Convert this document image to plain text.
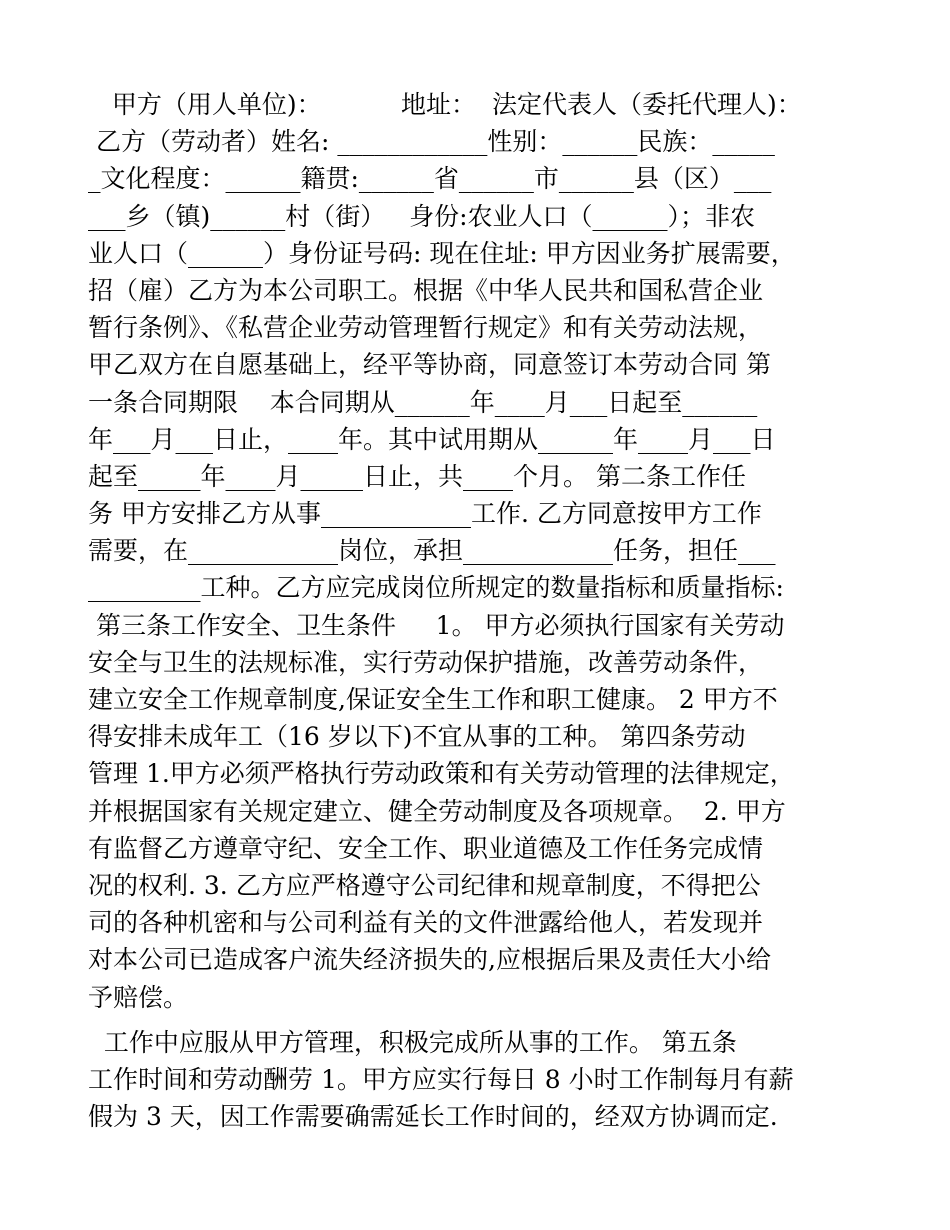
甲方（用人单位)：          地址：  法定代表人（委托代理人)：
乙方（劳动者）姓名: ____________性别：______民族：_____
_文化程度：______籍贯:______省______市______县（区）___
___乡（镇)______村（街）   身份:农业人口（______）；非农
业人口（______）身份证号码: 现在住址: 甲方因业务扩展需要，
招（雇）乙方为本公司职工。根据《中华人民共和国私营企业
暂行条例》、《私营企业劳动管理暂行规定》和有关劳动法规，
甲乙双方在自愿基础上，经平等协商，同意签订本劳动合同 第
一条合同期限    本合同期从______年____月___日起至______
年___月___日止，____年。其中试用期从______年____月___日
起至_____年____月_____日止，共____个月。 第二条工作任
务 甲方安排乙方从事____________工作. 乙方同意按甲方工作
需要，在____________岗位，承担____________任务，担任___
_________工种。乙方应完成岗位所规定的数量指标和质量指标:
第三条工作安全、卫生条件     1。 甲方必须执行国家有关劳动
安全与卫生的法规标准，实行劳动保护措施，改善劳动条件，
建立安全工作规章制度,保证安全生工作和职工健康。 2 甲方不
得安排未成年工（16 岁以下)不宜从事的工种。 第四条劳动
管理 1.甲方必须严格执行劳动政策和有关劳动管理的法律规定，
并根据国家有关规定建立、健全劳动制度及各项规章。  2. 甲方
有监督乙方遵章守纪、安全工作、职业道德及工作任务完成情
况的权利. 3. 乙方应严格遵守公司纪律和规章制度，不得把公
司的各种机密和与公司利益有关的文件泄露给他人，若发现并
对本公司已造成客户流失经济损失的,应根据后果及责任大小给
予赔偿。
工作中应服从甲方管理，积极完成所从事的工作。 第五条
工作时间和劳动酬劳 1。甲方应实行每日 8 小时工作制每月有薪
假为 3 天，因工作需要确需延长工作时间的，经双方协调而定.
